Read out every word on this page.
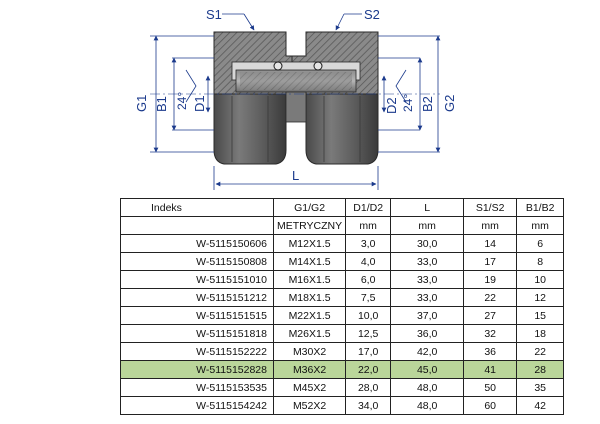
S1	S2
G1 B1 24° D1	D2 24° B2 G2
L
Indeks	G1/G2	D1/D2	L	S1/S2	B1/B2
	METRYCZNY	mm	mm	mm	mm
W-5115150606	M12X1.5	3,0	30,0	14	6
W-5115150808	M14X1.5	4,0	33,0	17	8
W-5115151010	M16X1.5	6,0	33,0	19	10
W-5115151212	M18X1.5	7,5	33,0	22	12
W-5115151515	M22X1.5	10,0	37,0	27	15
W-5115151818	M26X1.5	12,5	36,0	32	18
W-5115152222	M30X2	17,0	42,0	36	22
W-5115152828	M36X2	22,0	45,0	41	28
W-5115153535	M45X2	28,0	48,0	50	35
W-5115154242	M52X2	34,0	48,0	60	42
